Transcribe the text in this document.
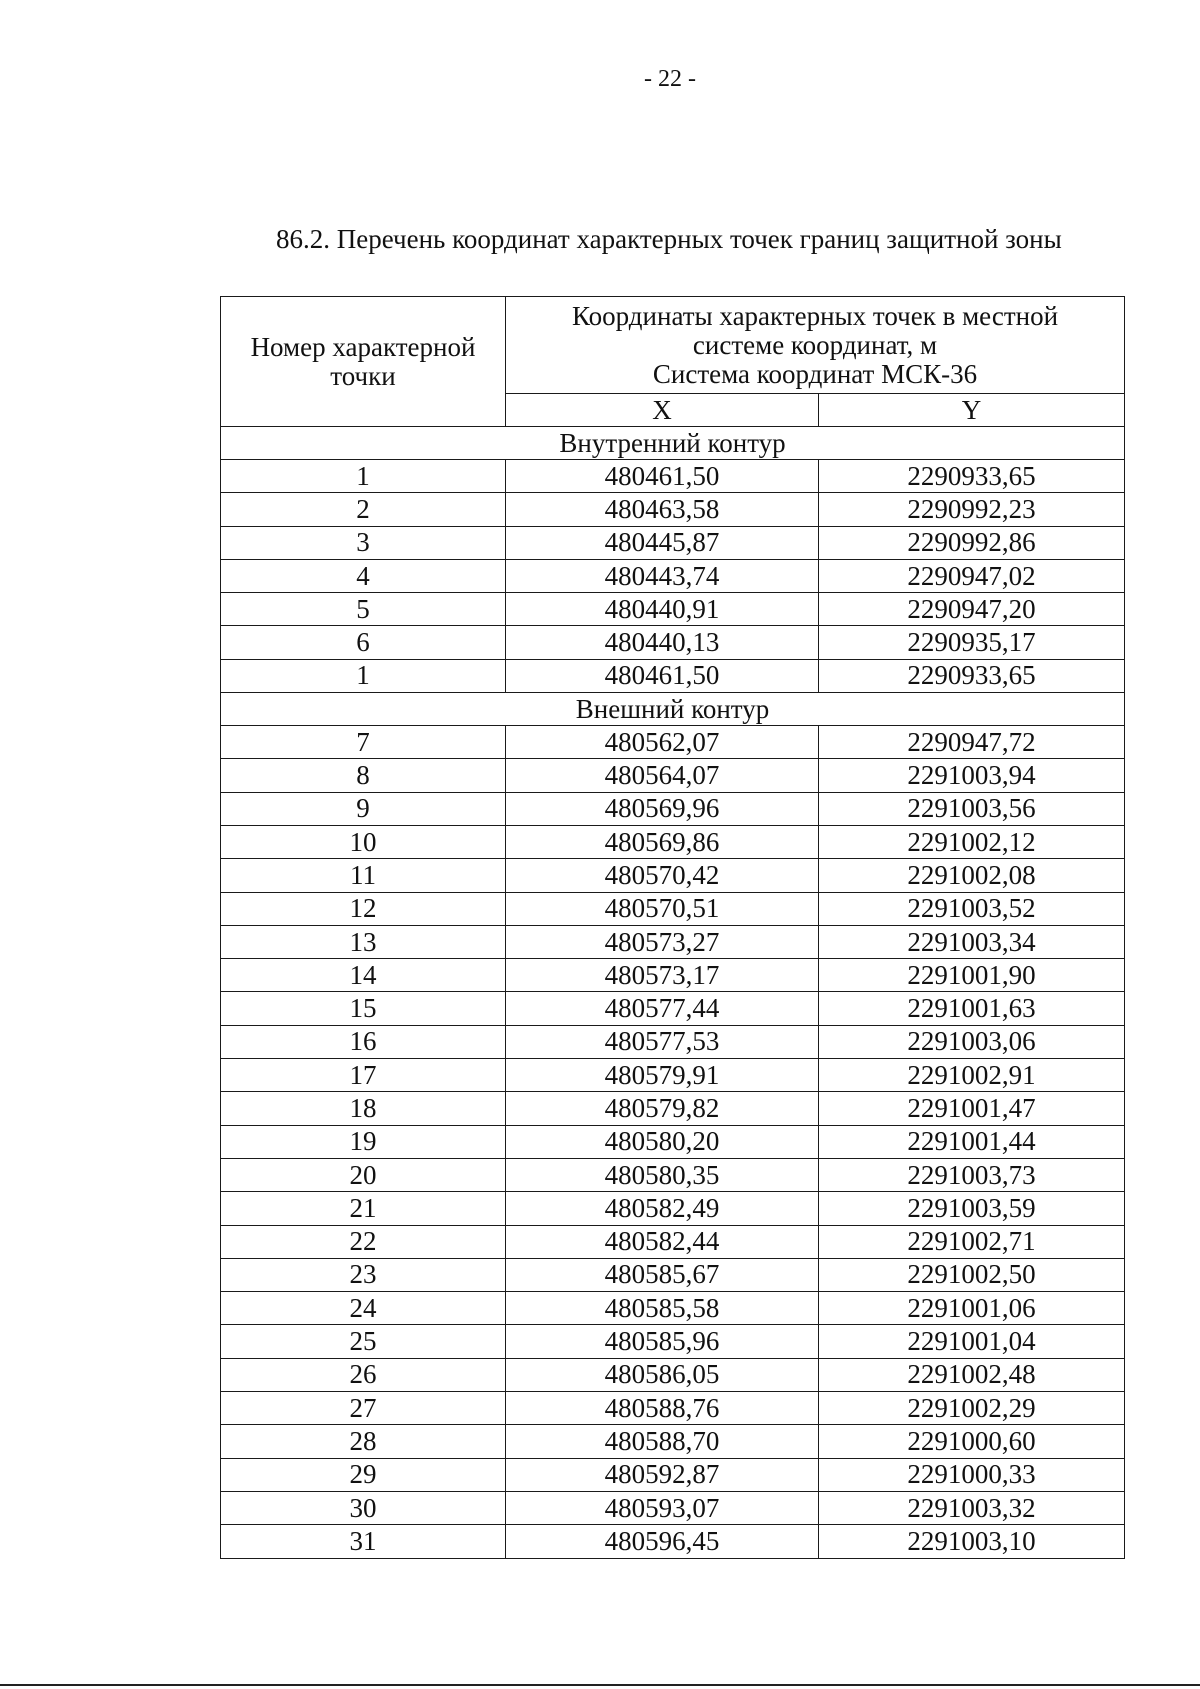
- 22 -
86.2. Перечень координат характерных точек границ защитной зоны
Номер характерной
точки	Координаты характерных точек в местной
системе координат, м
Система координат МСК-36	

	X	Y
Внутренний контур		
1	480461,50	2290933,65
2	480463,58	2290992,23
3	480445,87	2290992,86
4	480443,74	2290947,02
5	480440,91	2290947,20
6	480440,13	2290935,17
1	480461,50	2290933,65
Внешний контур		
7	480562,07	2290947,72
8	480564,07	2291003,94
9	480569,96	2291003,56
10	480569,86	2291002,12
11	480570,42	2291002,08
12	480570,51	2291003,52
13	480573,27	2291003,34
14	480573,17	2291001,90
15	480577,44	2291001,63
16	480577,53	2291003,06
17	480579,91	2291002,91
18	480579,82	2291001,47
19	480580,20	2291001,44
20	480580,35	2291003,73
21	480582,49	2291003,59
22	480582,44	2291002,71
23	480585,67	2291002,50
24	480585,58	2291001,06
25	480585,96	2291001,04
26	480586,05	2291002,48
27	480588,76	2291002,29
28	480588,70	2291000,60
29	480592,87	2291000,33
30	480593,07	2291003,32
31	480596,45	2291003,10
